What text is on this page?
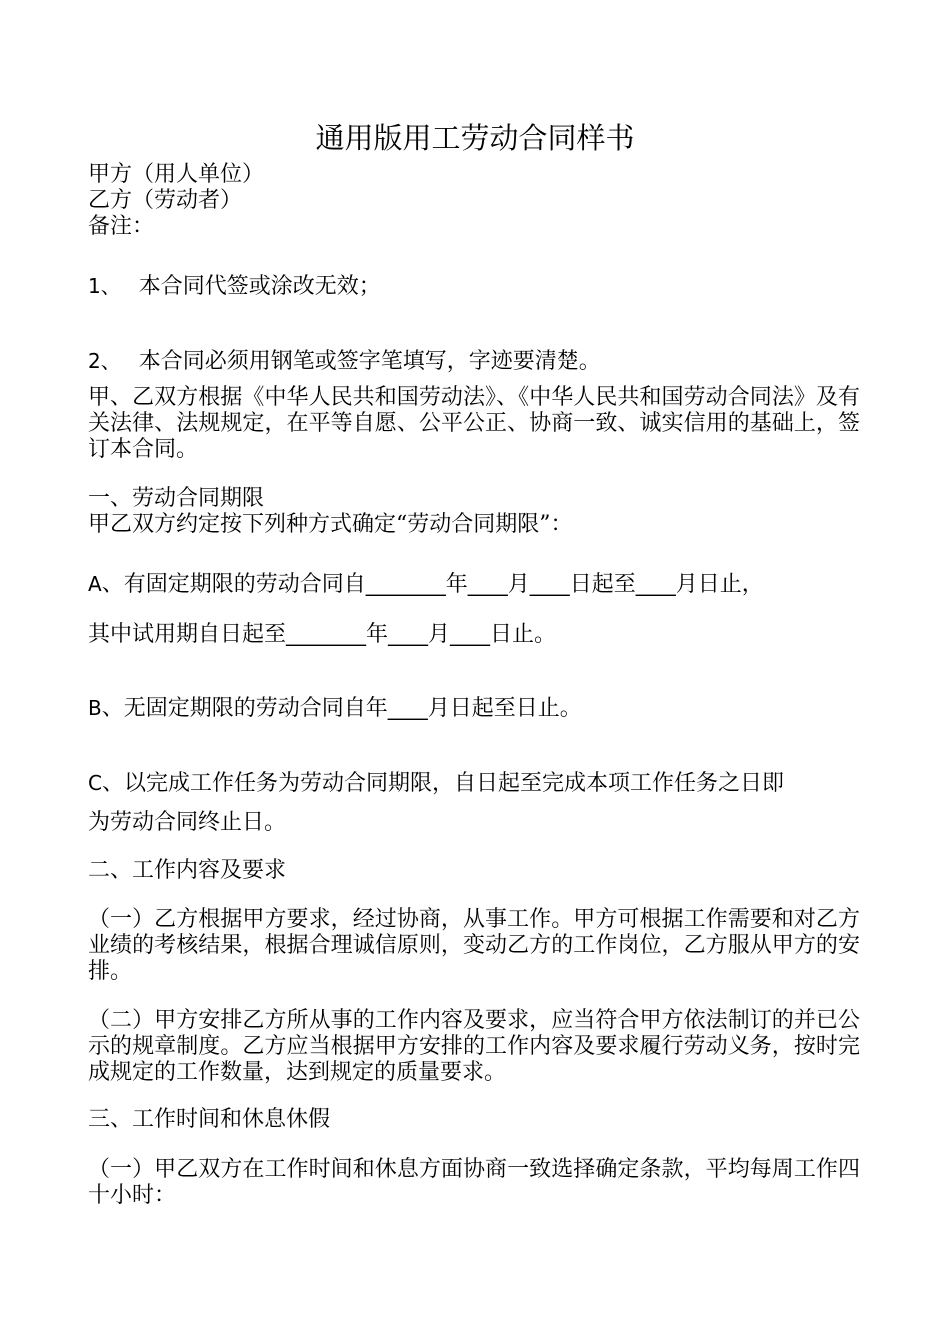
通用版用工劳动合同样书
甲方（用人单位）
乙方（劳动者）
备注：
1、 本合同代签或涂改无效；
2、 本合同必须用钢笔或签字笔填写，字迹要清楚。
甲、乙双方根据《中华人民共和国劳动法》、《中华人民共和国劳动合同法》及有关法律、法规规定，在平等自愿、公平公正、协商一致、诚实信用的基础上，签订本合同。
一、劳动合同期限
甲乙双方约定按下列种方式确定“劳动合同期限”：
A、有固定期限的劳动合同自________年____月____日起至____月日止，
其中试用期自日起至________年____月____日止。
B、无固定期限的劳动合同自年____月日起至日止。
C、以完成工作任务为劳动合同期限，自日起至完成本项工作任务之日即
为劳动合同终止日。
二、工作内容及要求
（一）乙方根据甲方要求，经过协商，从事工作。甲方可根据工作需要和对乙方业绩的考核结果，根据合理诚信原则，变动乙方的工作岗位，乙方服从甲方的安排。
（二）甲方安排乙方所从事的工作内容及要求，应当符合甲方依法制订的并已公示的规章制度。乙方应当根据甲方安排的工作内容及要求履行劳动义务，按时完成规定的工作数量，达到规定的质量要求。
三、工作时间和休息休假
（一）甲乙双方在工作时间和休息方面协商一致选择确定条款，平均每周工作四十小时：
